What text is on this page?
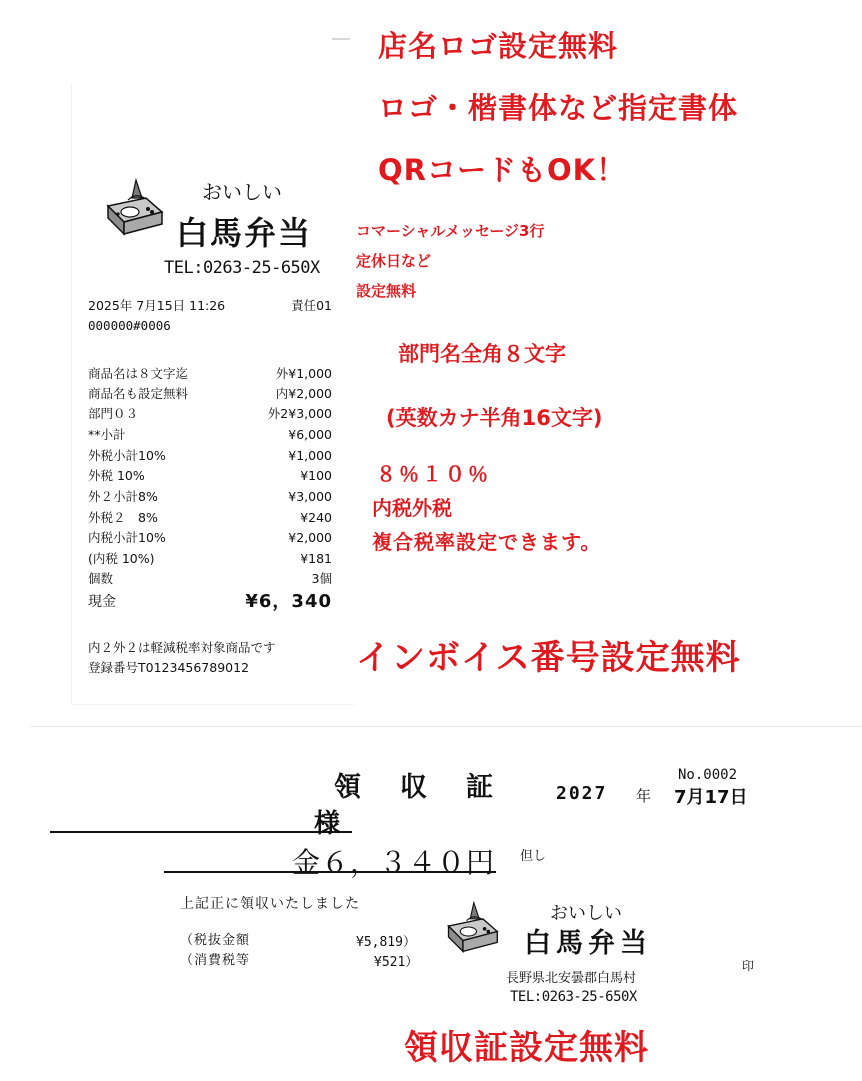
おいしい
白馬弁当
TEL:0263-25-650X
2025年 7月15日 11:26	責任01
000000#0006
商品名は８文字迄	外¥1,000
商品名も設定無料	内¥2,000
部門０３	外2¥3,000
**小計	¥6,000
外税小計10%	¥1,000
外税 10%	¥100
外２小計8%	¥3,000
外税２　8%	¥240
内税小計10%	¥2,000
(内税 10%)	¥181
個数	3個
現金	¥6，340
内２外２は軽減税率対象商品です
登録番号T0123456789012
店名ロゴ設定無料
ロゴ・楷書体など指定書体
QRコードもOK！
コマーシャルメッセージ3行
定休日など
設定無料
部門名全角８文字
(英数カナ半角16文字)
８％１０％
内税外税
複合税率設定できます。
インボイス番号設定無料
領　収　証	No.0002
2027 年 7月17日
様
金６，３４０円 但し
上記正に領収いたしました
（税抜金額	¥5,819）
（消費税等	¥521）
おいしい
白馬弁当
長野県北安曇郡白馬村
TEL:0263-25-650X
印
領収証設定無料
